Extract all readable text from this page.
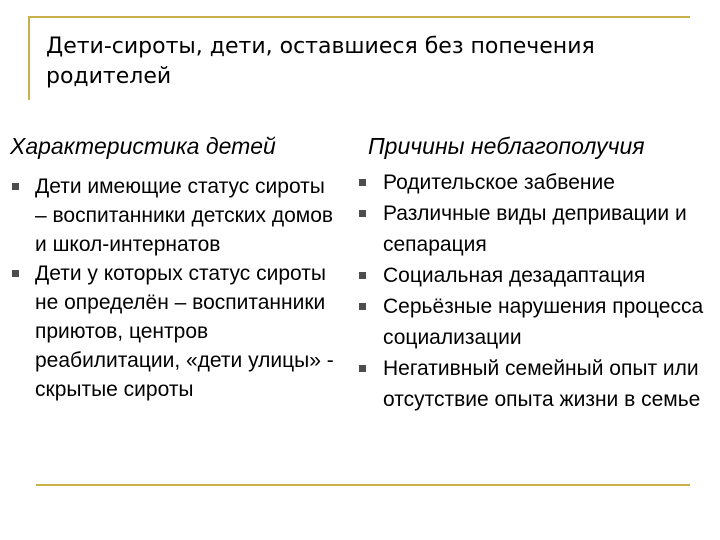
Дети-сироты, дети, оставшиеся без попечения родителей
Характеристика детей	Причины неблагополучия
Дети имеющие статус сироты – воспитанники детских домов и школ-интернатов
Дети у которых статус сироты не определён – воспитанники приютов, центров реабилитации, «дети улицы» - скрытые сироты
Родительское забвение
Различные виды депривации и сепарация
Социальная дезадаптация
Серьёзные нарушения процесса социализации
Негативный семейный опыт или отсутствие опыта жизни в семье
